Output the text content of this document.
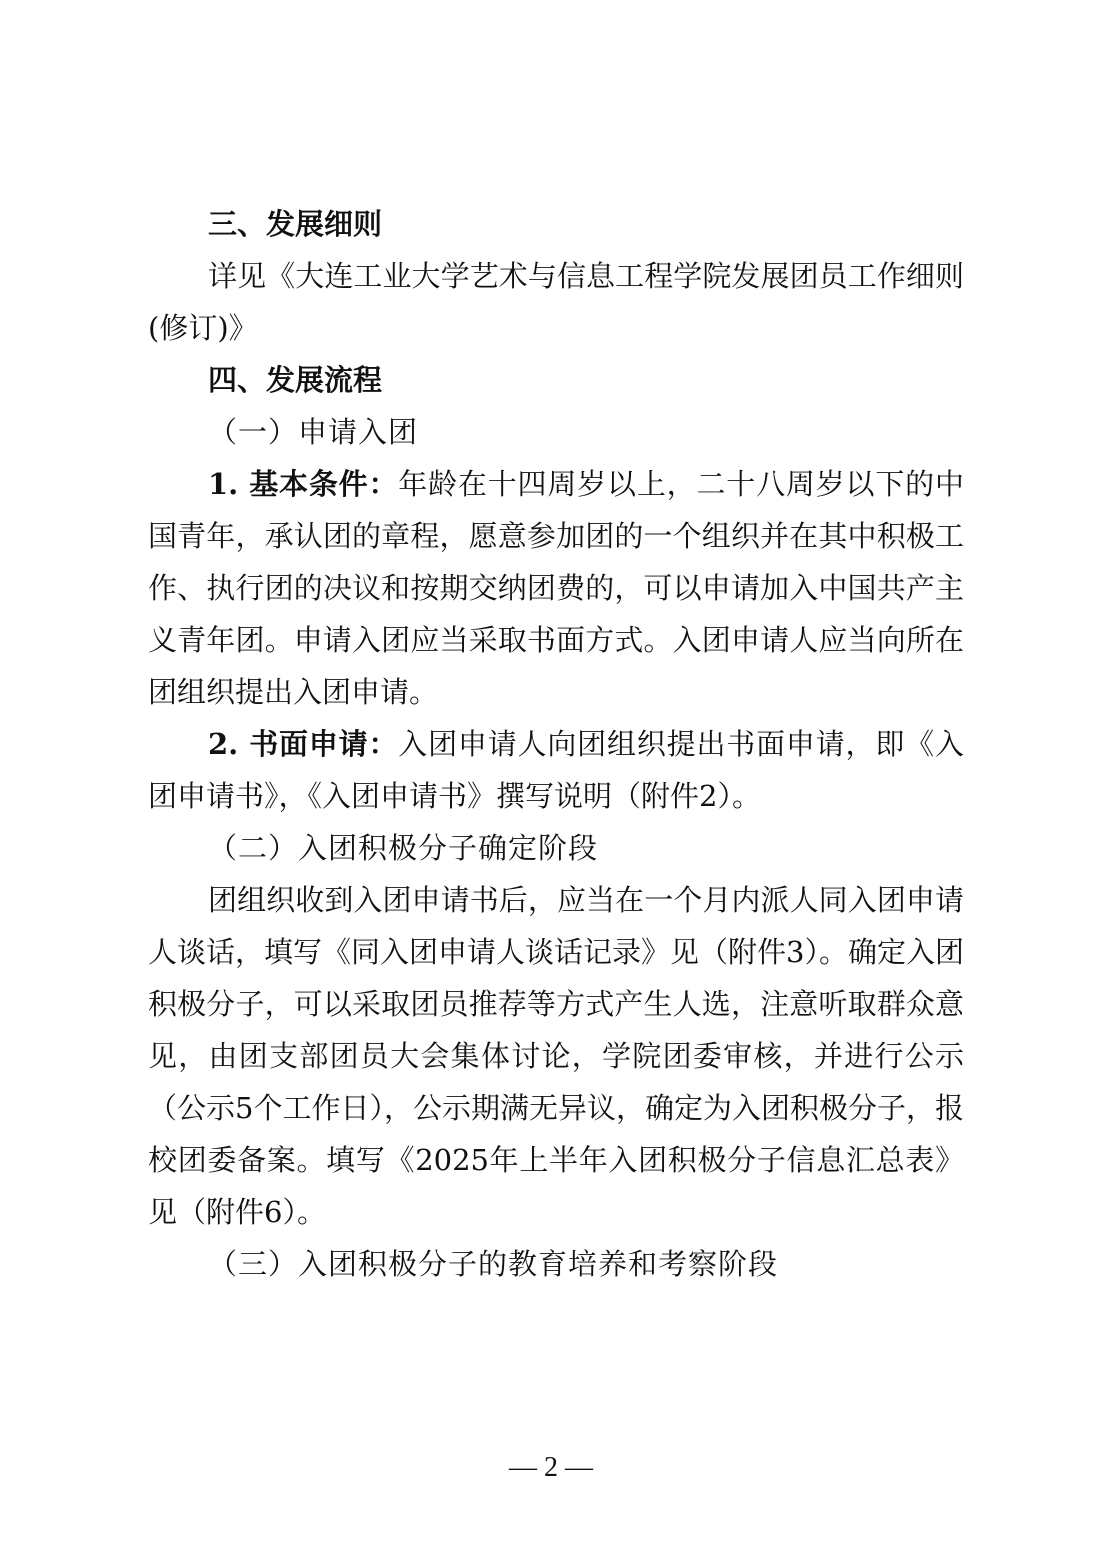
三、发展细则

详见《大连工业大学艺术与信息工程学院发展团员工作细则 (修订)》

四、发展流程

（一）申请入团

1. 基本条件：年龄在十四周岁以上，二十八周岁以下的中国青年，承认团的章程，愿意参加团的一个组织并在其中积极工作、执行团的决议和按期交纳团费的，可以申请加入中国共产主义青年团。申请入团应当采取书面方式。入团申请人应当向所在团组织提出入团申请。

2. 书面申请：入团申请人向团组织提出书面申请，即《入团申请书》，《入团申请书》撰写说明（附件2）。

（二）入团积极分子确定阶段

团组织收到入团申请书后，应当在一个月内派人同入团申请人谈话，填写《同入团申请人谈话记录》见（附件3）。确定入团积极分子，可以采取团员推荐等方式产生人选，注意听取群众意见，由团支部团员大会集体讨论，学院团委审核，并进行公示（公示5个工作日），公示期满无异议，确定为入团积极分子，报校团委备案。填写《2025年上半年入团积极分子信息汇总表》见（附件6）。

（三）入团积极分子的教育培养和考察阶段

— 2 —
